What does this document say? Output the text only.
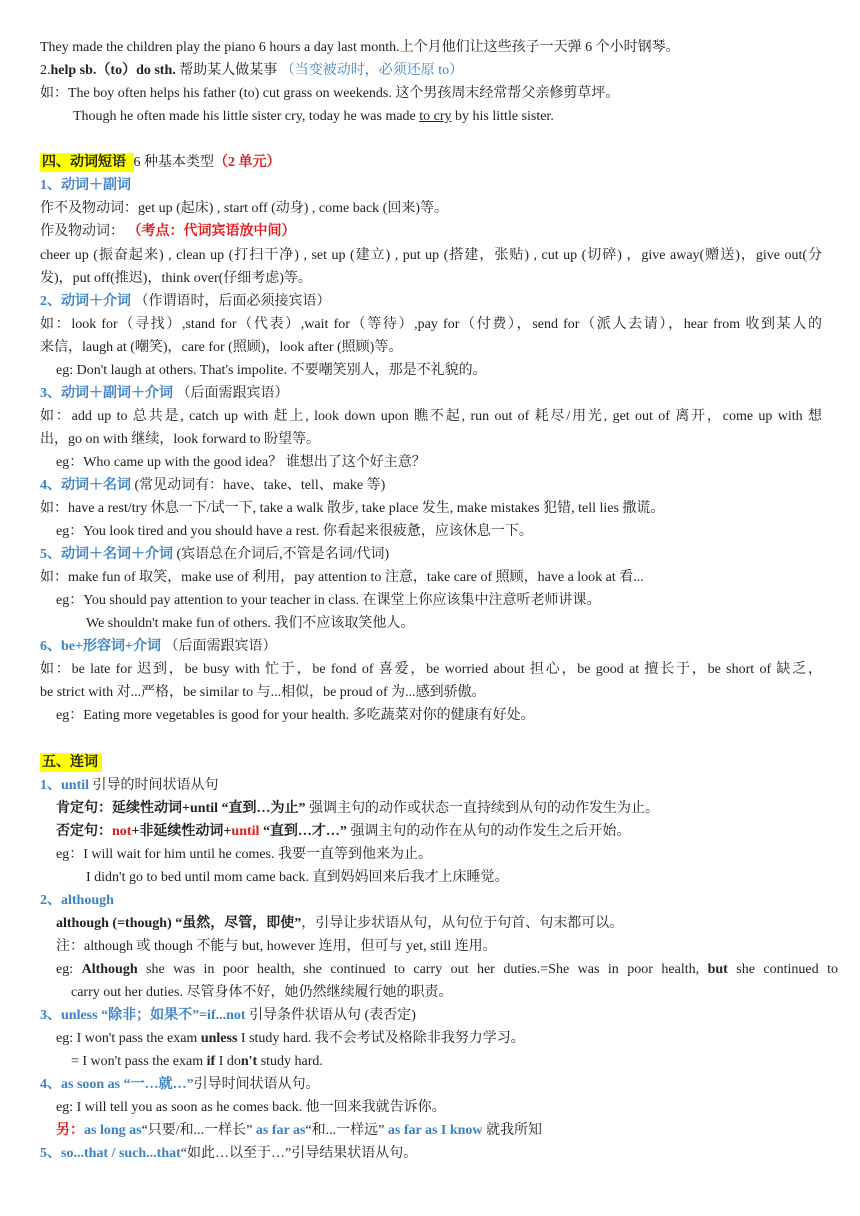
They made the children play the piano 6 hours a day last month.上个月他们让这些孩子一天弹 6 个小时钢琴。
2.help sb.（to）do sth. 帮助某人做某事 （当变被动时，必须还原 to）
如：The boy often helps his father (to) cut grass on weekends. 这个男孩周末经常帮父亲修剪草坪。
Though he often made his little sister cry, today he was made to cry by his little sister.
四、动词短语 6 种基本类型（2 单元）
1、动词＋副词
作不及物动词：get up (起床) , start off (动身) , come back (回来)等。
作及物动词： （考点：代词宾语放中间）
cheer up (振奋起来) , clean up (打扫干净) , set up (建立) , put up (搭建，张贴) , cut up (切碎) ，give away(赠送)，give out(分
发)，put off(推迟)，think over(仔细考虑)等。
2、动词＋介词 （作谓语时，后面必须接宾语）
如：look for（寻找）,stand for（代表）,wait for（等待）,pay for（付费），send for（派人去请），hear from 收到某人的
来信，laugh at (嘲笑)，care for (照顾)，look after (照顾)等。
eg: Don't laugh at others. That's impolite. 不要嘲笑别人，那是不礼貌的。
3、动词＋副词＋介词 （后面需跟宾语）
如：add up to 总共是, catch up with 赶上, look down upon 瞧不起, run out of 耗尽/用光, get out of 离开，come up with 想
出，go on with 继续，look forward to 盼望等。
eg：Who came up with the good idea？ 谁想出了这个好主意？
4、动词＋名词 (常见动词有：have、take、tell、make 等)
如：have a rest/try 休息一下/试一下, take a walk 散步, take place 发生, make mistakes 犯错, tell lies 撒谎。
eg：You look tired and you should have a rest. 你看起来很疲惫，应该休息一下。
5、动词＋名词＋介词 (宾语总在介词后,不管是名词/代词)
如：make fun of 取笑，make use of 利用，pay attention to 注意，take care of 照顾，have a look at 看...
eg：You should pay attention to your teacher in class. 在课堂上你应该集中注意听老师讲课。
We shouldn't make fun of others. 我们不应该取笑他人。
6、be+形容词+介词 （后面需跟宾语）
如：be late for 迟到，be busy with 忙于，be fond of 喜爱，be worried about 担心，be good at 擅长于，be short of 缺乏，
be strict with 对...严格，be similar to 与...相似，be proud of 为...感到骄傲。
eg：Eating more vegetables is good for your health. 多吃蔬菜对你的健康有好处。
五、连词
1、until 引导的时间状语从句
肯定句：延续性动词+until “直到…为止” 强调主句的动作或状态一直持续到从句的动作发生为止。
否定句：not+非延续性动词+until “直到…才…” 强调主句的动作在从句的动作发生之后开始。
eg：I will wait for him until he comes. 我要一直等到他来为止。
I didn't go to bed until mom came back. 直到妈妈回来后我才上床睡觉。
2、although
although (=though) “虽然，尽管，即使”，引导让步状语从句，从句位于句首、句末都可以。
注：although 或 though 不能与 but, however 连用，但可与 yet, still 连用。
eg: Although she was in poor health, she continued to carry out her duties.=She was in poor health, but she continued to
carry out her duties. 尽管身体不好，她仍然继续履行她的职责。
3、unless “除非；如果不”=if...not 引导条件状语从句 (表否定)
eg: I won't pass the exam unless I study hard. 我不会考试及格除非我努力学习。
= I won't pass the exam if I don't study hard.
4、as soon as “一…就…”引导时间状语从句。
eg: I will tell you as soon as he comes back. 他一回来我就告诉你。
另：as long as“只要/和...一样长” as far as“和...一样远” as far as I know 就我所知
5、so...that / such...that“如此…以至于…”引导结果状语从句。
